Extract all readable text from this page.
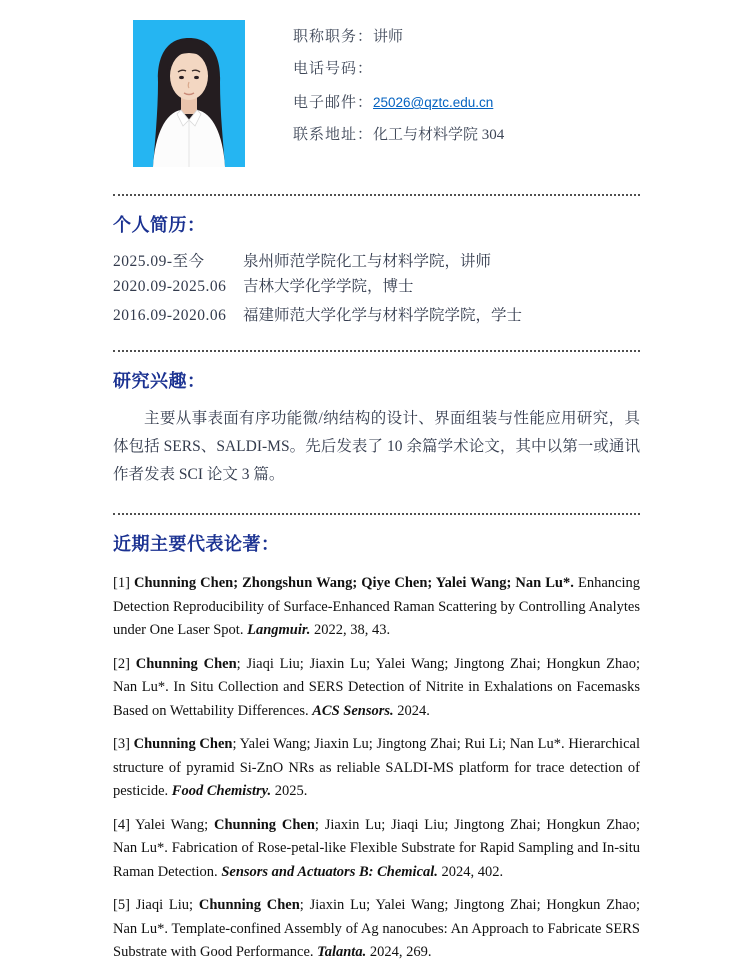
职称职务：讲师
电话号码：
电子邮件：25026@qztc.edu.cn
联系地址：化工与材料学院 304
个人简历：
2025.09-至今	泉州师范学院化工与材料学院，讲师
2020.09-2025.06	吉林大学化学学院，博士
2016.09-2020.06	福建师范大学化学与材料学院学院，学士
研究兴趣：

主要从事表面有序功能微/纳结构的设计、界面组装与性能应用研究，具体包括 SERS、SALDI-MS。先后发表了 10 余篇学术论文，其中以第一或通讯作者发表 SCI 论文 3 篇。

近期主要代表论著：

[1] Chunning Chen; Zhongshun Wang; Qiye Chen; Yalei Wang; Nan Lu*. Enhancing Detection Reproducibility of Surface-Enhanced Raman Scattering by Controlling Analytes under One Laser Spot. Langmuir. 2022, 38, 43.

[2] Chunning Chen; Jiaqi Liu; Jiaxin Lu; Yalei Wang; Jingtong Zhai; Hongkun Zhao; Nan Lu*. In Situ Collection and SERS Detection of Nitrite in Exhalations on Facemasks Based on Wettability Differences. ACS Sensors. 2024.

[3] Chunning Chen; Yalei Wang; Jiaxin Lu; Jingtong Zhai; Rui Li; Nan Lu*. Hierarchical structure of pyramid Si-ZnO NRs as reliable SALDI-MS platform for trace detection of pesticide. Food Chemistry. 2025.

[4] Yalei Wang; Chunning Chen; Jiaxin Lu; Jiaqi Liu; Jingtong Zhai; Hongkun Zhao; Nan Lu*. Fabrication of Rose-petal-like Flexible Substrate for Rapid Sampling and In-situ Raman Detection. Sensors and Actuators B: Chemical. 2024, 402.

[5] Jiaqi Liu; Chunning Chen; Jiaxin Lu; Yalei Wang; Jingtong Zhai; Hongkun Zhao; Nan Lu*. Template-confined Assembly of Ag nanocubes: An Approach to Fabricate SERS Substrate with Good Performance. Talanta. 2024, 269.
